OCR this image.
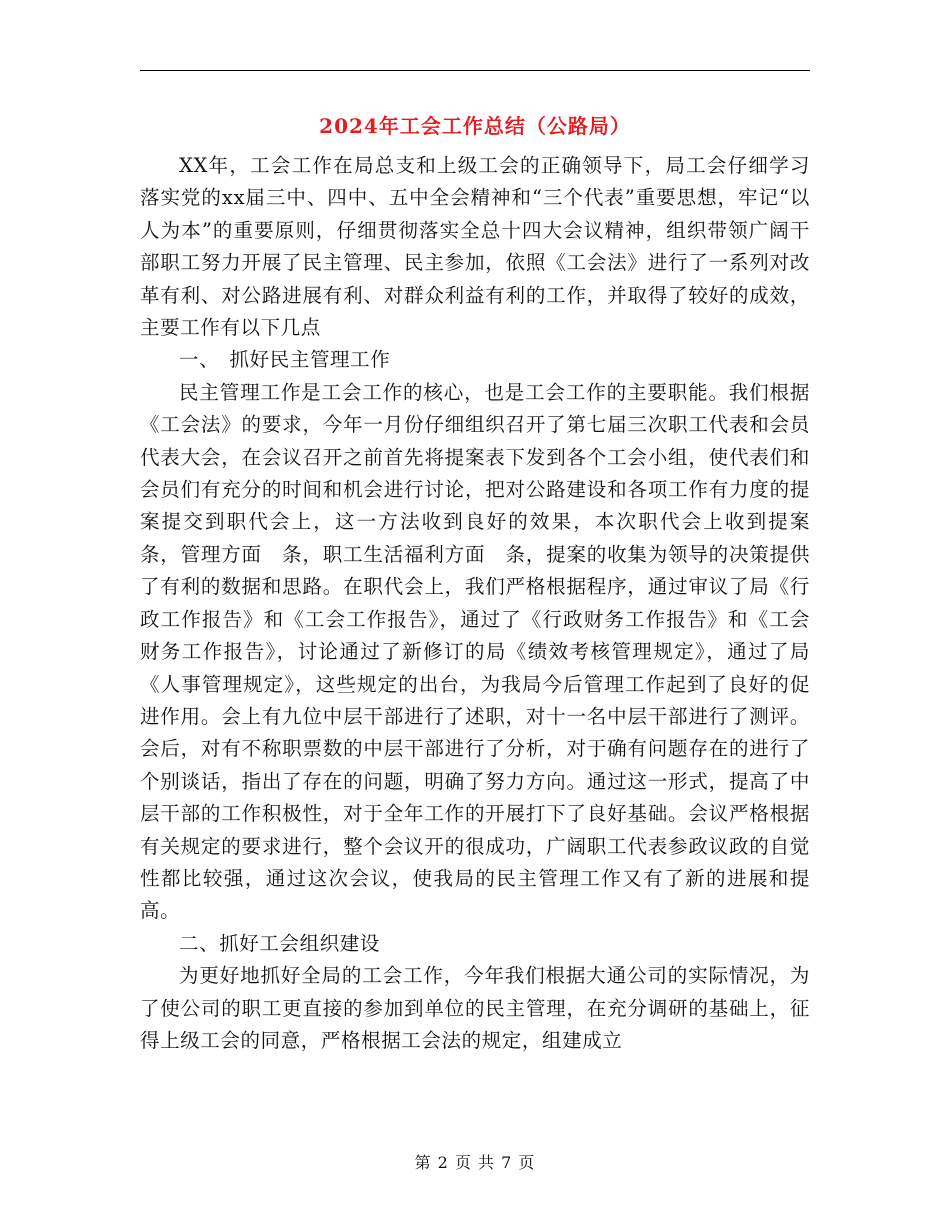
2024年工会工作总结（公路局）

XX年，工会工作在局总支和上级工会的正确领导下，局工会仔细学习落实党的xx届三中、四中、五中全会精神和“三个代表”重要思想，牢记“以人为本”的重要原则，仔细贯彻落实全总十四大会议精神，组织带领广阔干部职工努力开展了民主管理、民主参加，依照《工会法》进行了一系列对改革有利、对公路进展有利、对群众利益有利的工作，并取得了较好的成效，主要工作有以下几点

一、　抓好民主管理工作

民主管理工作是工会工作的核心，也是工会工作的主要职能。我们根据《工会法》的要求，今年一月份仔细组织召开了第七届三次职工代表和会员代表大会，在会议召开之前首先将提案表下发到各个工会小组，使代表们和会员们有充分的时间和机会进行讨论，把对公路建设和各项工作有力度的提案提交到职代会上，这一方法收到良好的效果，本次职代会上收到提案　条，管理方面　条，职工生活福利方面　条，提案的收集为领导的决策提供了有利的数据和思路。在职代会上，我们严格根据程序，通过审议了局《行政工作报告》和《工会工作报告》，通过了《行政财务工作报告》和《工会财务工作报告》，讨论通过了新修订的局《绩效考核管理规定》，通过了局《人事管理规定》，这些规定的出台，为我局今后管理工作起到了良好的促进作用。会上有九位中层干部进行了述职，对十一名中层干部进行了测评。会后，对有不称职票数的中层干部进行了分析，对于确有问题存在的进行了个别谈话，指出了存在的问题，明确了努力方向。通过这一形式，提高了中层干部的工作积极性，对于全年工作的开展打下了良好基础。会议严格根据有关规定的要求进行，整个会议开的很成功，广阔职工代表参政议政的自觉性都比较强，通过这次会议，使我局的民主管理工作又有了新的进展和提高。

二、抓好工会组织建设

为更好地抓好全局的工会工作，今年我们根据大通公司的实际情况，为了使公司的职工更直接的参加到单位的民主管理，在充分调研的基础上，征得上级工会的同意，严格根据工会法的规定，组建成立

第 2 页 共 7 页
